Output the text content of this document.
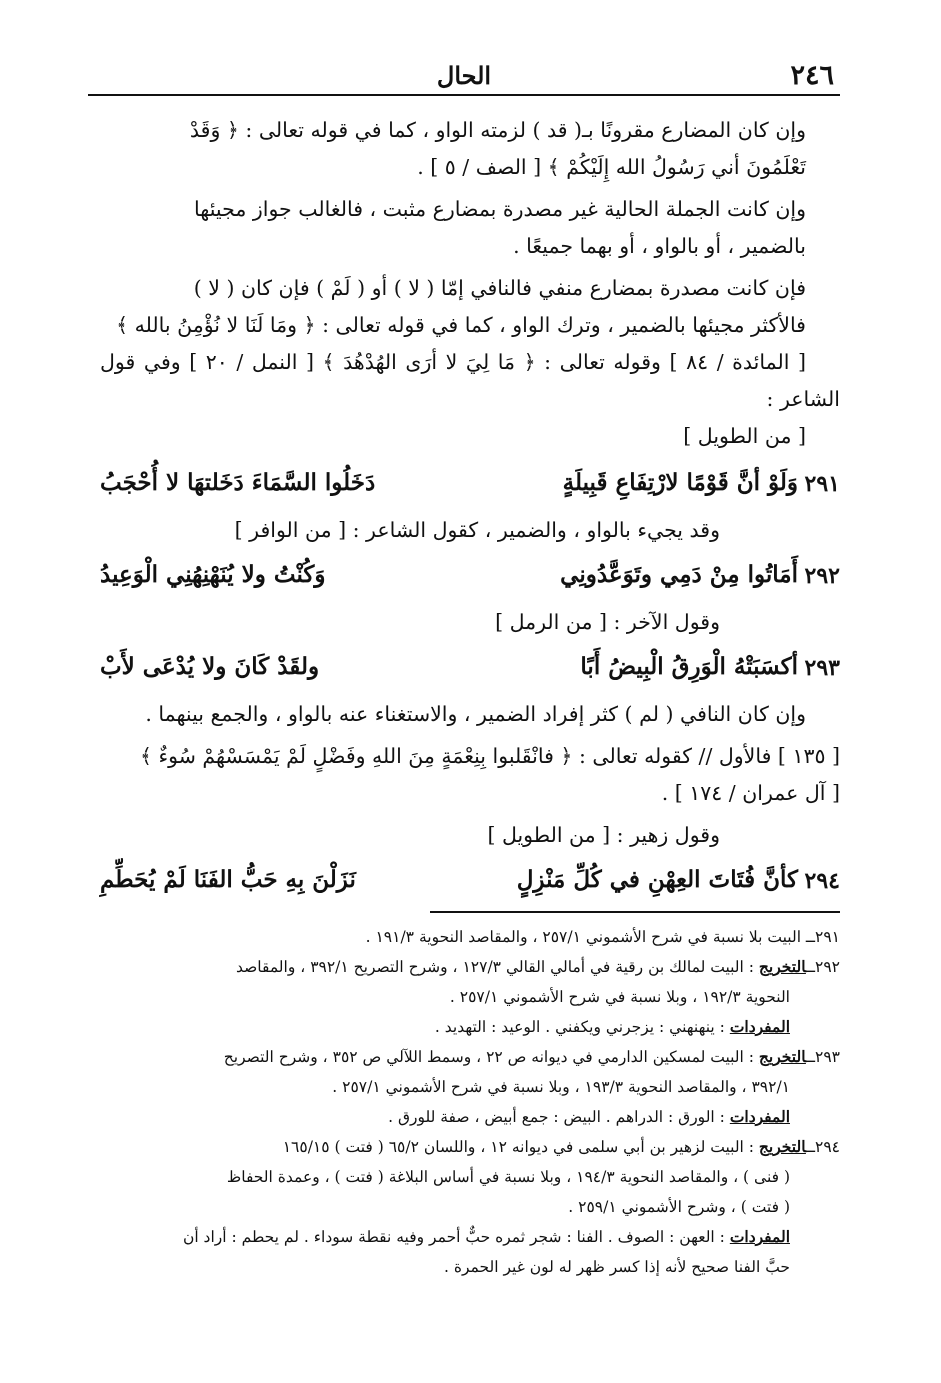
٢٤٦
الحال

وإن كان المضارع مقرونًا بـ( قد ) لزمته الواو ، كما في قوله تعالى : ﴿ وَقَدْ
تَعْلَمُونَ أني رَسُولُ الله إِلَيْكُمْ ﴾ [ الصف / ٥ ] .

وإن كانت الجملة الحالية غير مصدرة بمضارع مثبت ، فالغالب جواز مجيئها
بالضمير ، أو بالواو ، أو بهما جميعًا .

فإن كانت مصدرة بمضارع منفي فالنافي إمّا ( لا ) أو ( لَمْ ) فإن كان ( لا )
فالأكثر مجيئها بالضمير ، وترك الواو ، كما في قوله تعالى : ﴿ ومَا لَنَا لا نُؤْمِنُ بالله ﴾
[ المائدة / ٨٤ ] وقوله تعالى : ﴿ مَا لِيَ لا أرَى الهُدْهُدَ ﴾ [ النمل / ٢٠ ] وفي قول الشاعر :
[ من الطويل ]

٢٩١
وَلَوْ أنَّ قَوْمًا لارْتِفَاعِ قَبِيلَةٍ
دَخَلُوا السَّمَاءَ دَخَلتهَا لا أُحْجَبُ

وقد يجيء بالواو ، والضمير ، كقول الشاعر : [ من الوافر ]

٢٩٢
أَمَاتُوا مِنْ دَمِي وتَوَعَّدُونِي
وَكُنْتُ ولا يُنَهْنِهُنِي الْوَعِيدُ

وقول الآخر : [ من الرمل ]

٢٩٣
أكسَبَتْهُ الْوَرِقُ الْبِيضُ أَبًا
ولقَدْ كَانَ ولا يُدْعَى لأَبْ

وإن كان النافي ( لم ) كثر إفراد الضمير ، والاستغناء عنه بالواو ، والجمع بينهما .

[ ١٣٥ ] فالأول // كقوله تعالى : ﴿ فانْقَلبوا بِنِعْمَةٍ مِنَ اللهِ وفَضْلٍ لَمْ يَمْسَسْهُمْ سُوءٌ ﴾
[ آل عمران / ١٧٤ ] .

وقول زهير : [ من الطويل ]

٢٩٤
كأنَّ فُتَاتَ العِهْنِ في كُلِّ مَنْزِلٍ
نَزَلْنَ بِهِ حَبُّ الفَنَا لَمْ يُحَطِّمِ

٢٩١ــ البيت بلا نسبة في شرح الأشموني ٢٥٧/١ ، والمقاصد النحوية ١٩١/٣ .

٢٩٢ــالتخريج : البيت لمالك بن رقية في أمالي القالي ١٢٧/٣ ، وشرح التصريح ٣٩٢/١ ، والمقاصد

النحوية ١٩٢/٣ ، وبلا نسبة في شرح الأشموني ٢٥٧/١ .

المفردات : ينهنهني : يزجرني ويكفني . الوعيد : التهديد .

٢٩٣ــالتخريج : البيت لمسكين الدارمي في ديوانه ص ٢٢ ، وسمط اللآلي ص ٣٥٢ ، وشرح التصريح

٣٩٢/١ ، والمقاصد النحوية ١٩٣/٣ ، وبلا نسبة في شرح الأشموني ٢٥٧/١ .

المفردات : الورق : الدراهم . البيض : جمع أبيض ، صفة للورق .

٢٩٤ــالتخريج : البيت لزهير بن أبي سلمى في ديوانه ١٢ ، واللسان ٦٥/٢ ( فتت ) ١٦٥/١٥

( فنى ) ، والمقاصد النحوية ١٩٤/٣ ، وبلا نسبة في أساس البلاغة ( فتت ) ، وعمدة الحفاظ

( فتت ) ، وشرح الأشموني ٢٥٩/١ .

المفردات : العهن : الصوف . الفنا : شجر ثمره حبٌّ أحمر وفيه نقطة سوداء . لم يحطم : أراد أن

حبَّ الفنا صحيح لأنه إذا كسر ظهر له لون غير الحمرة .
